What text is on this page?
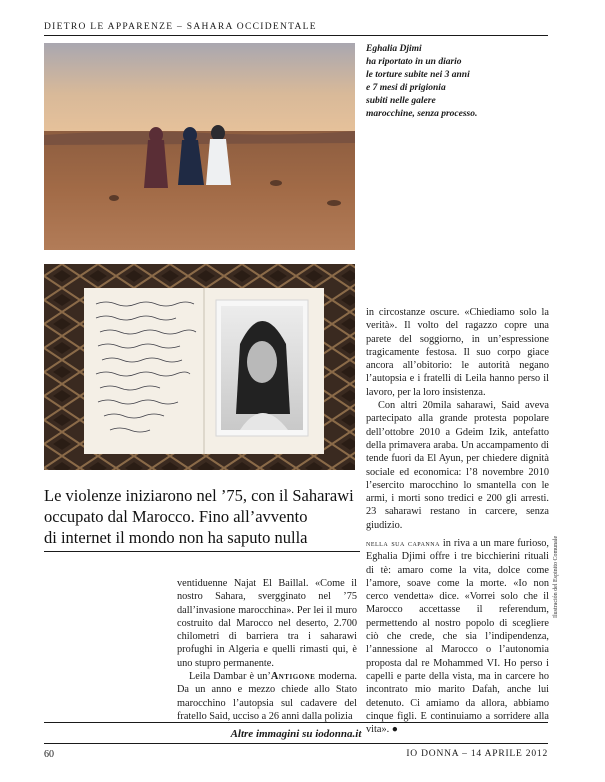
DIETRO LE APPARENZE – SAHARA OCCIDENTALE
Eghalia Djimi
ha riportato in un diario
le torture subite nei 3 anni
e 7 mesi di prigionia
subiti nelle galere
marocchine, senza processo.
Le violenze iniziarono nel ’75, con il Saharawi
occupato dal Marocco. Fino all’avvento
di internet il mondo non ha saputo nulla

ventiduenne Najat El Baillal. «Come il nostro Sahara, svergginato nel ’75 dall’invasione marocchina». Per lei il muro costruito dal Marocco nel deserto, 2.700 chilometri di barriera tra i saharawi profughi in Algeria e quelli rimasti qui, è uno stupro permanente.

Leila Dambar è un’Antigone moderna. Da un anno e mezzo chiede allo Stato marocchino l’autopsia sul cadavere del fratello Said, ucciso a 26 anni dalla polizia

in circostanze oscure. «Chiediamo solo la verità». Il volto del ragazzo copre una parete del soggiorno, in un’espressione tragicamente festosa. Il suo corpo giace ancora all’obitorio: le autorità negano l’autopsia e i fratelli di Leila hanno perso il lavoro, per la loro insistenza.

Con altri 20mila saharawi, Said aveva partecipato alla grande protesta popolare dell’ottobre 2010 a Gdeim Izik, antefatto della primavera araba. Un accampamento di tende fuori da El Ayun, per chiedere dignità sociale ed economica: l’8 novembre 2010 l’esercito marocchino lo smantella con le armi, i morti sono tredici e 200 gli arresti. 23 saharawi restano in carcere, senza giudizio.

nella sua capanna in riva a un mare furioso, Eghalia Djimi offre i tre bicchierini rituali di tè: amaro come la vita, dolce come l’amore, soave come la morte. «Io non cerco vendetta» dice. «Vorrei solo che il Marocco accettasse il referendum, permettendo al nostro popolo di scegliere ciò che crede, che sia l’indipendenza, l’annessione al Marocco o l’autonomia proposta dal re Mohammed VI. Ho perso i capelli e parte della vista, ma in carcere ho incontrato mio marito Dafah, anche lui detenuto. Ci amiamo da allora, abbiamo cinque figli. E continuiamo a sorridere alla vita». ●

Ilustración del Espinito Comunale
Altre immagini su iodonna.it
60	IO DONNA – 14 APRILE 2012
